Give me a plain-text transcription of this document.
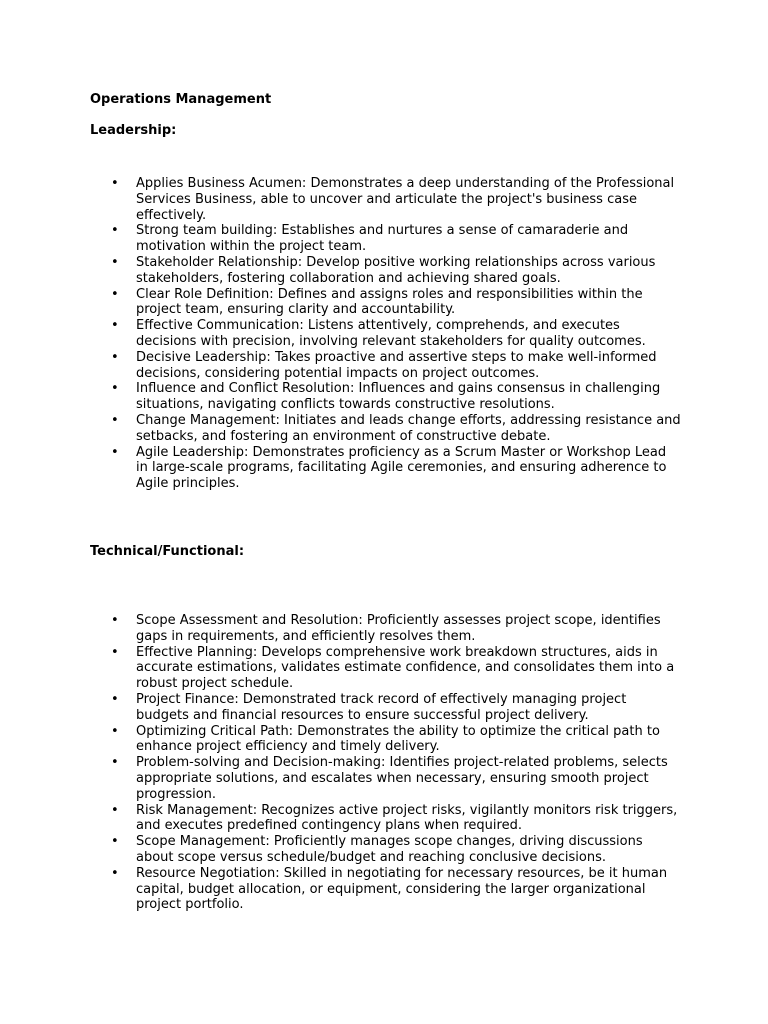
Operations Management
Leadership:
• Applies Business Acumen: Demonstrates a deep understanding of the Professional Services Business, able to uncover and articulate the project's business case effectively.
• Strong team building: Establishes and nurtures a sense of camaraderie and motivation within the project team.
• Stakeholder Relationship: Develop positive working relationships across various stakeholders, fostering collaboration and achieving shared goals.
• Clear Role Definition: Defines and assigns roles and responsibilities within the project team, ensuring clarity and accountability.
• Effective Communication: Listens attentively, comprehends, and executes decisions with precision, involving relevant stakeholders for quality outcomes.
• Decisive Leadership: Takes proactive and assertive steps to make well-informed decisions, considering potential impacts on project outcomes.
• Influence and Conflict Resolution: Influences and gains consensus in challenging situations, navigating conflicts towards constructive resolutions.
• Change Management: Initiates and leads change efforts, addressing resistance and setbacks, and fostering an environment of constructive debate.
• Agile Leadership: Demonstrates proficiency as a Scrum Master or Workshop Lead in large-scale programs, facilitating Agile ceremonies, and ensuring adherence to Agile principles.
Technical/Functional:
• Scope Assessment and Resolution: Proficiently assesses project scope, identifies gaps in requirements, and efficiently resolves them.
• Effective Planning: Develops comprehensive work breakdown structures, aids in accurate estimations, validates estimate confidence, and consolidates them into a robust project schedule.
• Project Finance: Demonstrated track record of effectively managing project budgets and financial resources to ensure successful project delivery.
• Optimizing Critical Path: Demonstrates the ability to optimize the critical path to enhance project efficiency and timely delivery.
• Problem-solving and Decision-making: Identifies project-related problems, selects appropriate solutions, and escalates when necessary, ensuring smooth project progression.
• Risk Management: Recognizes active project risks, vigilantly monitors risk triggers, and executes predefined contingency plans when required.
• Scope Management: Proficiently manages scope changes, driving discussions about scope versus schedule/budget and reaching conclusive decisions.
• Resource Negotiation: Skilled in negotiating for necessary resources, be it human capital, budget allocation, or equipment, considering the larger organizational project portfolio.
